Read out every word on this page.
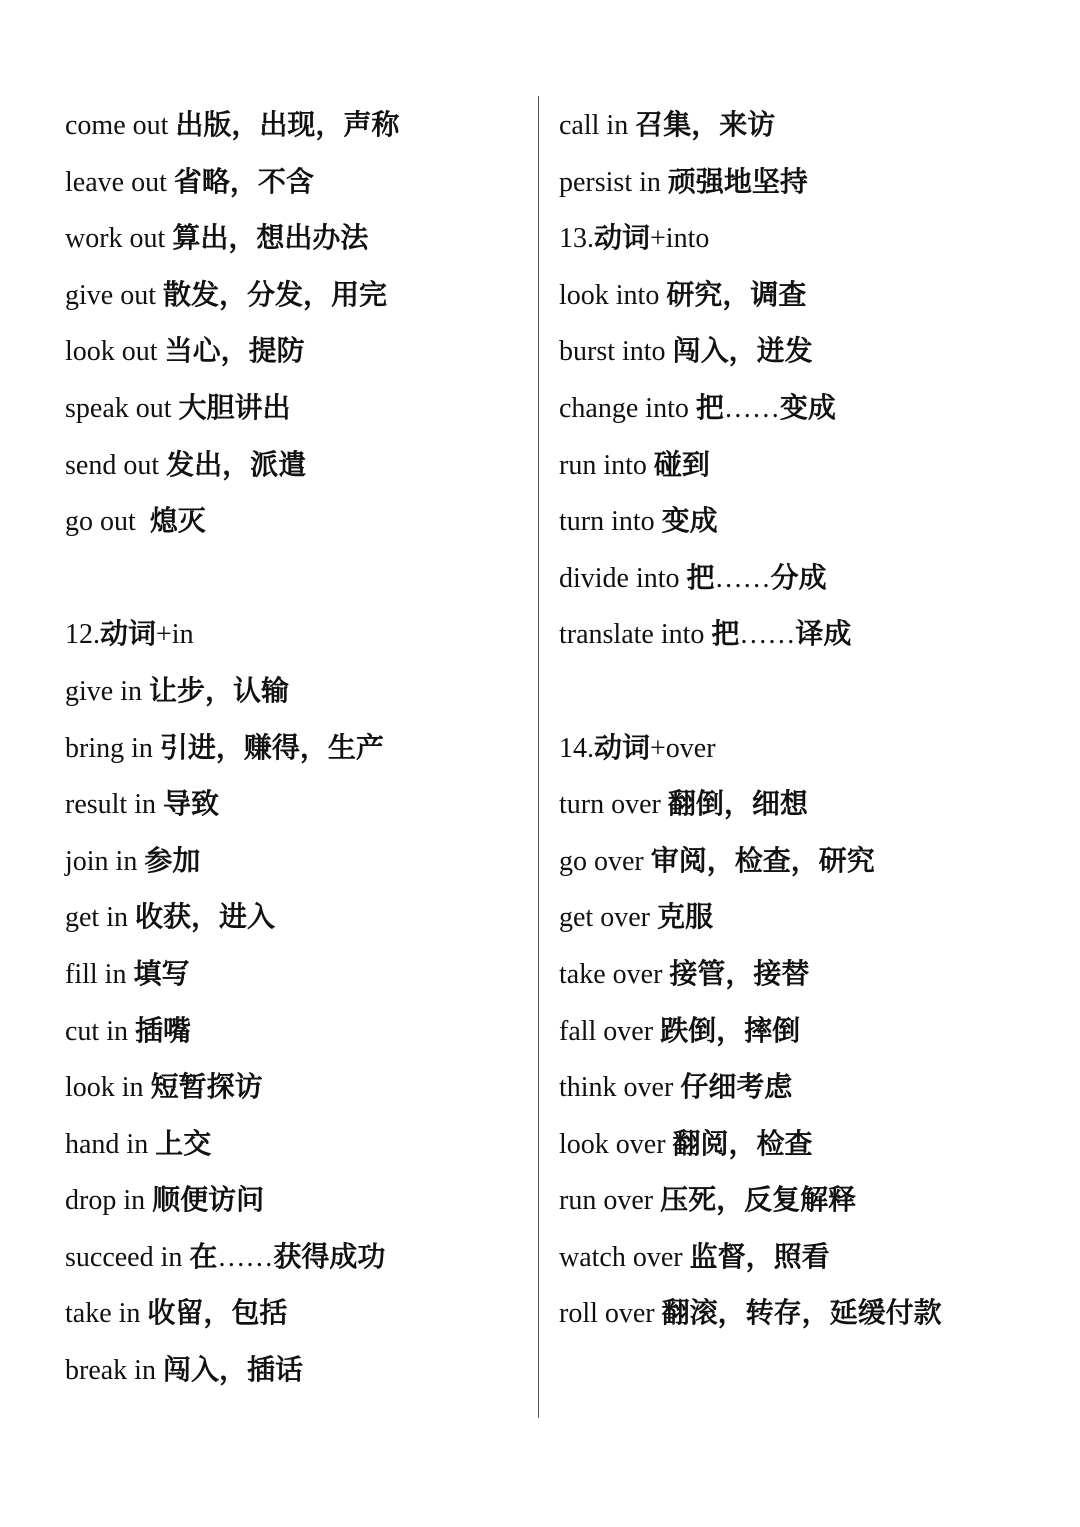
come out 出版，出现，声称
leave out 省略，不含
work out 算出，想出办法
give out 散发，分发，用完
look out 当心，提防
speak out 大胆讲出
send out 发出，派遣
go out  熄灭
12.动词+in
give in 让步，认输
bring in 引进，赚得，生产
result in 导致
join in 参加
get in 收获，进入
fill in 填写
cut in 插嘴
look in 短暂探访
hand in 上交
drop in 顺便访问
succeed in 在……获得成功
take in 收留，包括
break in 闯入，插话
call in 召集，来访
persist in 顽强地坚持
13.动词+into
look into 研究，调查
burst into 闯入，迸发
change into 把……变成
run into 碰到
turn into 变成
divide into 把……分成
translate into 把……译成
14.动词+over
turn over 翻倒，细想
go over 审阅，检查，研究
get over 克服
take over 接管，接替
fall over 跌倒，摔倒
think over 仔细考虑
look over 翻阅，检查
run over 压死，反复解释
watch over 监督，照看
roll over 翻滚，转存，延缓付款
